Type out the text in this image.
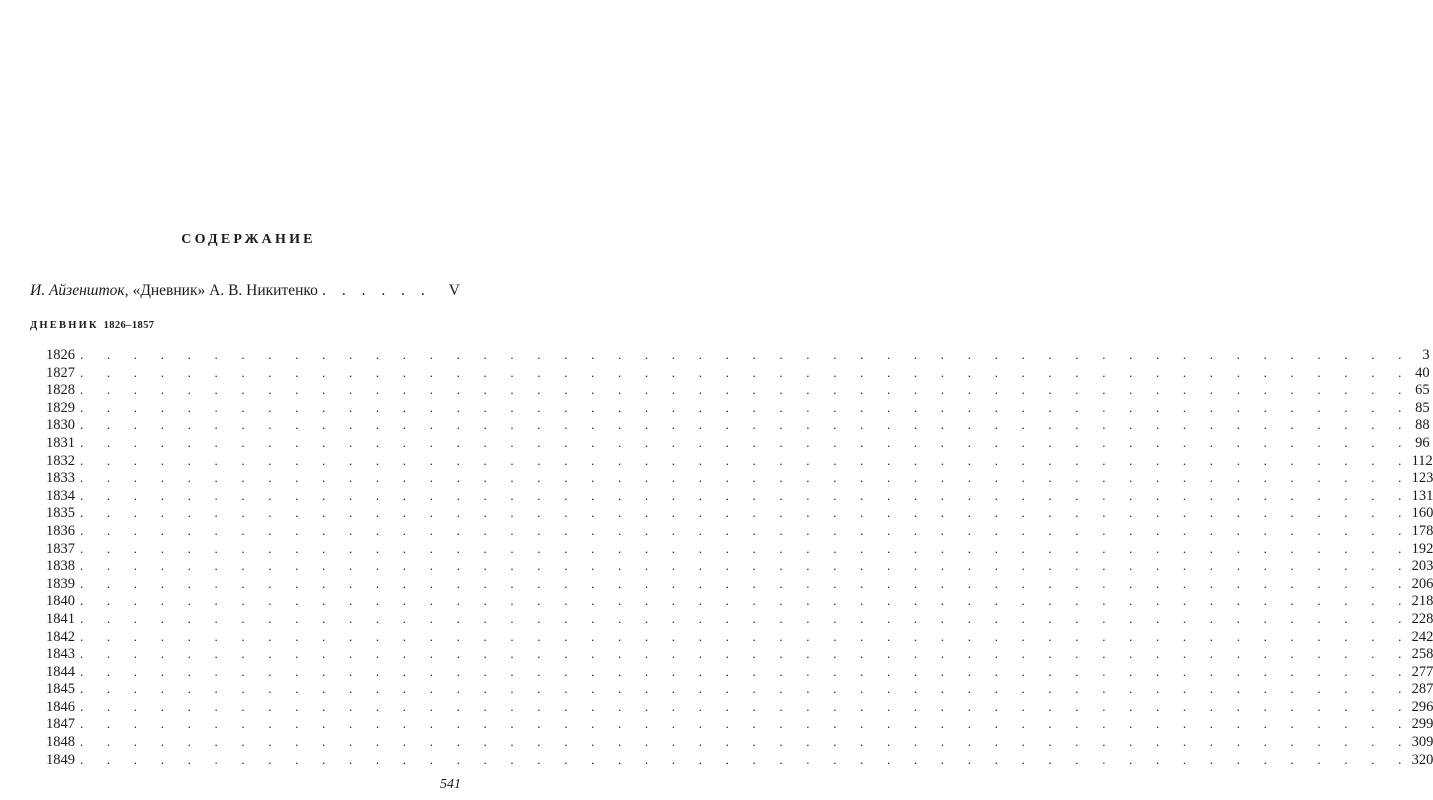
СОДЕРЖАНИЕ
И. Айзеншток, «Дневник» А. В. Никитенко . . . . . .	V
ДНЕВНИК 1826–1857
1826 . . . . . . . . . . . . . . . . . . . . . . . . . . . . . . . . . . . . . . . . . . . . . . . . . . 3
1827 . . . . . . . . . . . . . . . . . . . . . . . . . . . . . . . . . . . . . . . . . . . . . . . . . . 40
1828 . . . . . . . . . . . . . . . . . . . . . . . . . . . . . . . . . . . . . . . . . . . . . . . . . . 65
1829 . . . . . . . . . . . . . . . . . . . . . . . . . . . . . . . . . . . . . . . . . . . . . . . . . . 85
1830 . . . . . . . . . . . . . . . . . . . . . . . . . . . . . . . . . . . . . . . . . . . . . . . . . . 88
1831 . . . . . . . . . . . . . . . . . . . . . . . . . . . . . . . . . . . . . . . . . . . . . . . . . . 96
1832 . . . . . . . . . . . . . . . . . . . . . . . . . . . . . . . . . . . . . . . . . . . . . . . . . . 112
1833 . . . . . . . . . . . . . . . . . . . . . . . . . . . . . . . . . . . . . . . . . . . . . . . . . . 123
1834 . . . . . . . . . . . . . . . . . . . . . . . . . . . . . . . . . . . . . . . . . . . . . . . . . . 131
1835 . . . . . . . . . . . . . . . . . . . . . . . . . . . . . . . . . . . . . . . . . . . . . . . . . . 160
1836 . . . . . . . . . . . . . . . . . . . . . . . . . . . . . . . . . . . . . . . . . . . . . . . . . . 178
1837 . . . . . . . . . . . . . . . . . . . . . . . . . . . . . . . . . . . . . . . . . . . . . . . . . . 192
1838 . . . . . . . . . . . . . . . . . . . . . . . . . . . . . . . . . . . . . . . . . . . . . . . . . . 203
1839 . . . . . . . . . . . . . . . . . . . . . . . . . . . . . . . . . . . . . . . . . . . . . . . . . . 206
1840 . . . . . . . . . . . . . . . . . . . . . . . . . . . . . . . . . . . . . . . . . . . . . . . . . . 218
1841 . . . . . . . . . . . . . . . . . . . . . . . . . . . . . . . . . . . . . . . . . . . . . . . . . . 228
1842 . . . . . . . . . . . . . . . . . . . . . . . . . . . . . . . . . . . . . . . . . . . . . . . . . . 242
1843 . . . . . . . . . . . . . . . . . . . . . . . . . . . . . . . . . . . . . . . . . . . . . . . . . . 258
1844 . . . . . . . . . . . . . . . . . . . . . . . . . . . . . . . . . . . . . . . . . . . . . . . . . . 277
1845 . . . . . . . . . . . . . . . . . . . . . . . . . . . . . . . . . . . . . . . . . . . . . . . . . . 287
1846 . . . . . . . . . . . . . . . . . . . . . . . . . . . . . . . . . . . . . . . . . . . . . . . . . . 296
1847 . . . . . . . . . . . . . . . . . . . . . . . . . . . . . . . . . . . . . . . . . . . . . . . . . . 299
1848 . . . . . . . . . . . . . . . . . . . . . . . . . . . . . . . . . . . . . . . . . . . . . . . . . . 309
1849 . . . . . . . . . . . . . . . . . . . . . . . . . . . . . . . . . . . . . . . . . . . . . . . . . . 320

541
